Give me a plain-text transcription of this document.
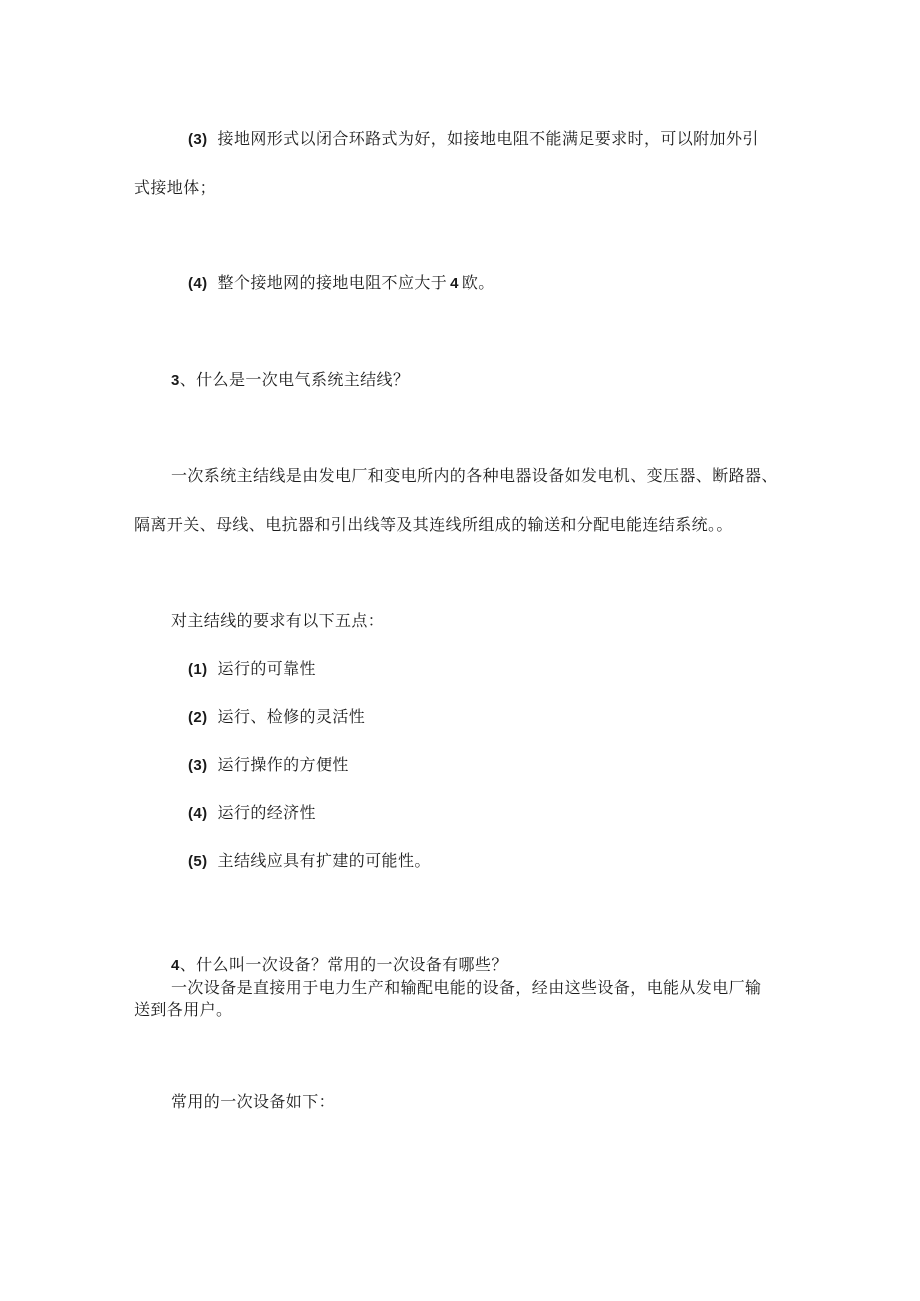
(3) 接地网形式以闭合环路式为好，如接地电阻不能满足要求时，可以附加外引
式接地体；
(4) 整个接地网的接地电阻不应大于 4 欧。
3、什么是一次电气系统主结线？
一次系统主结线是由发电厂和变电所内的各种电器设备如发电机、变压器、断路器、
隔离开关、母线、电抗器和引出线等及其连线所组成的输送和分配电能连结系统。。
对主结线的要求有以下五点：
(1) 运行的可靠性
(2) 运行、检修的灵活性
(3) 运行操作的方便性
(4) 运行的经济性
(5) 主结线应具有扩建的可能性。
4、什么叫一次设备？常用的一次设备有哪些？
一次设备是直接用于电力生产和输配电能的设备，经由这些设备，电能从发电厂输
送到各用户。
常用的一次设备如下：
